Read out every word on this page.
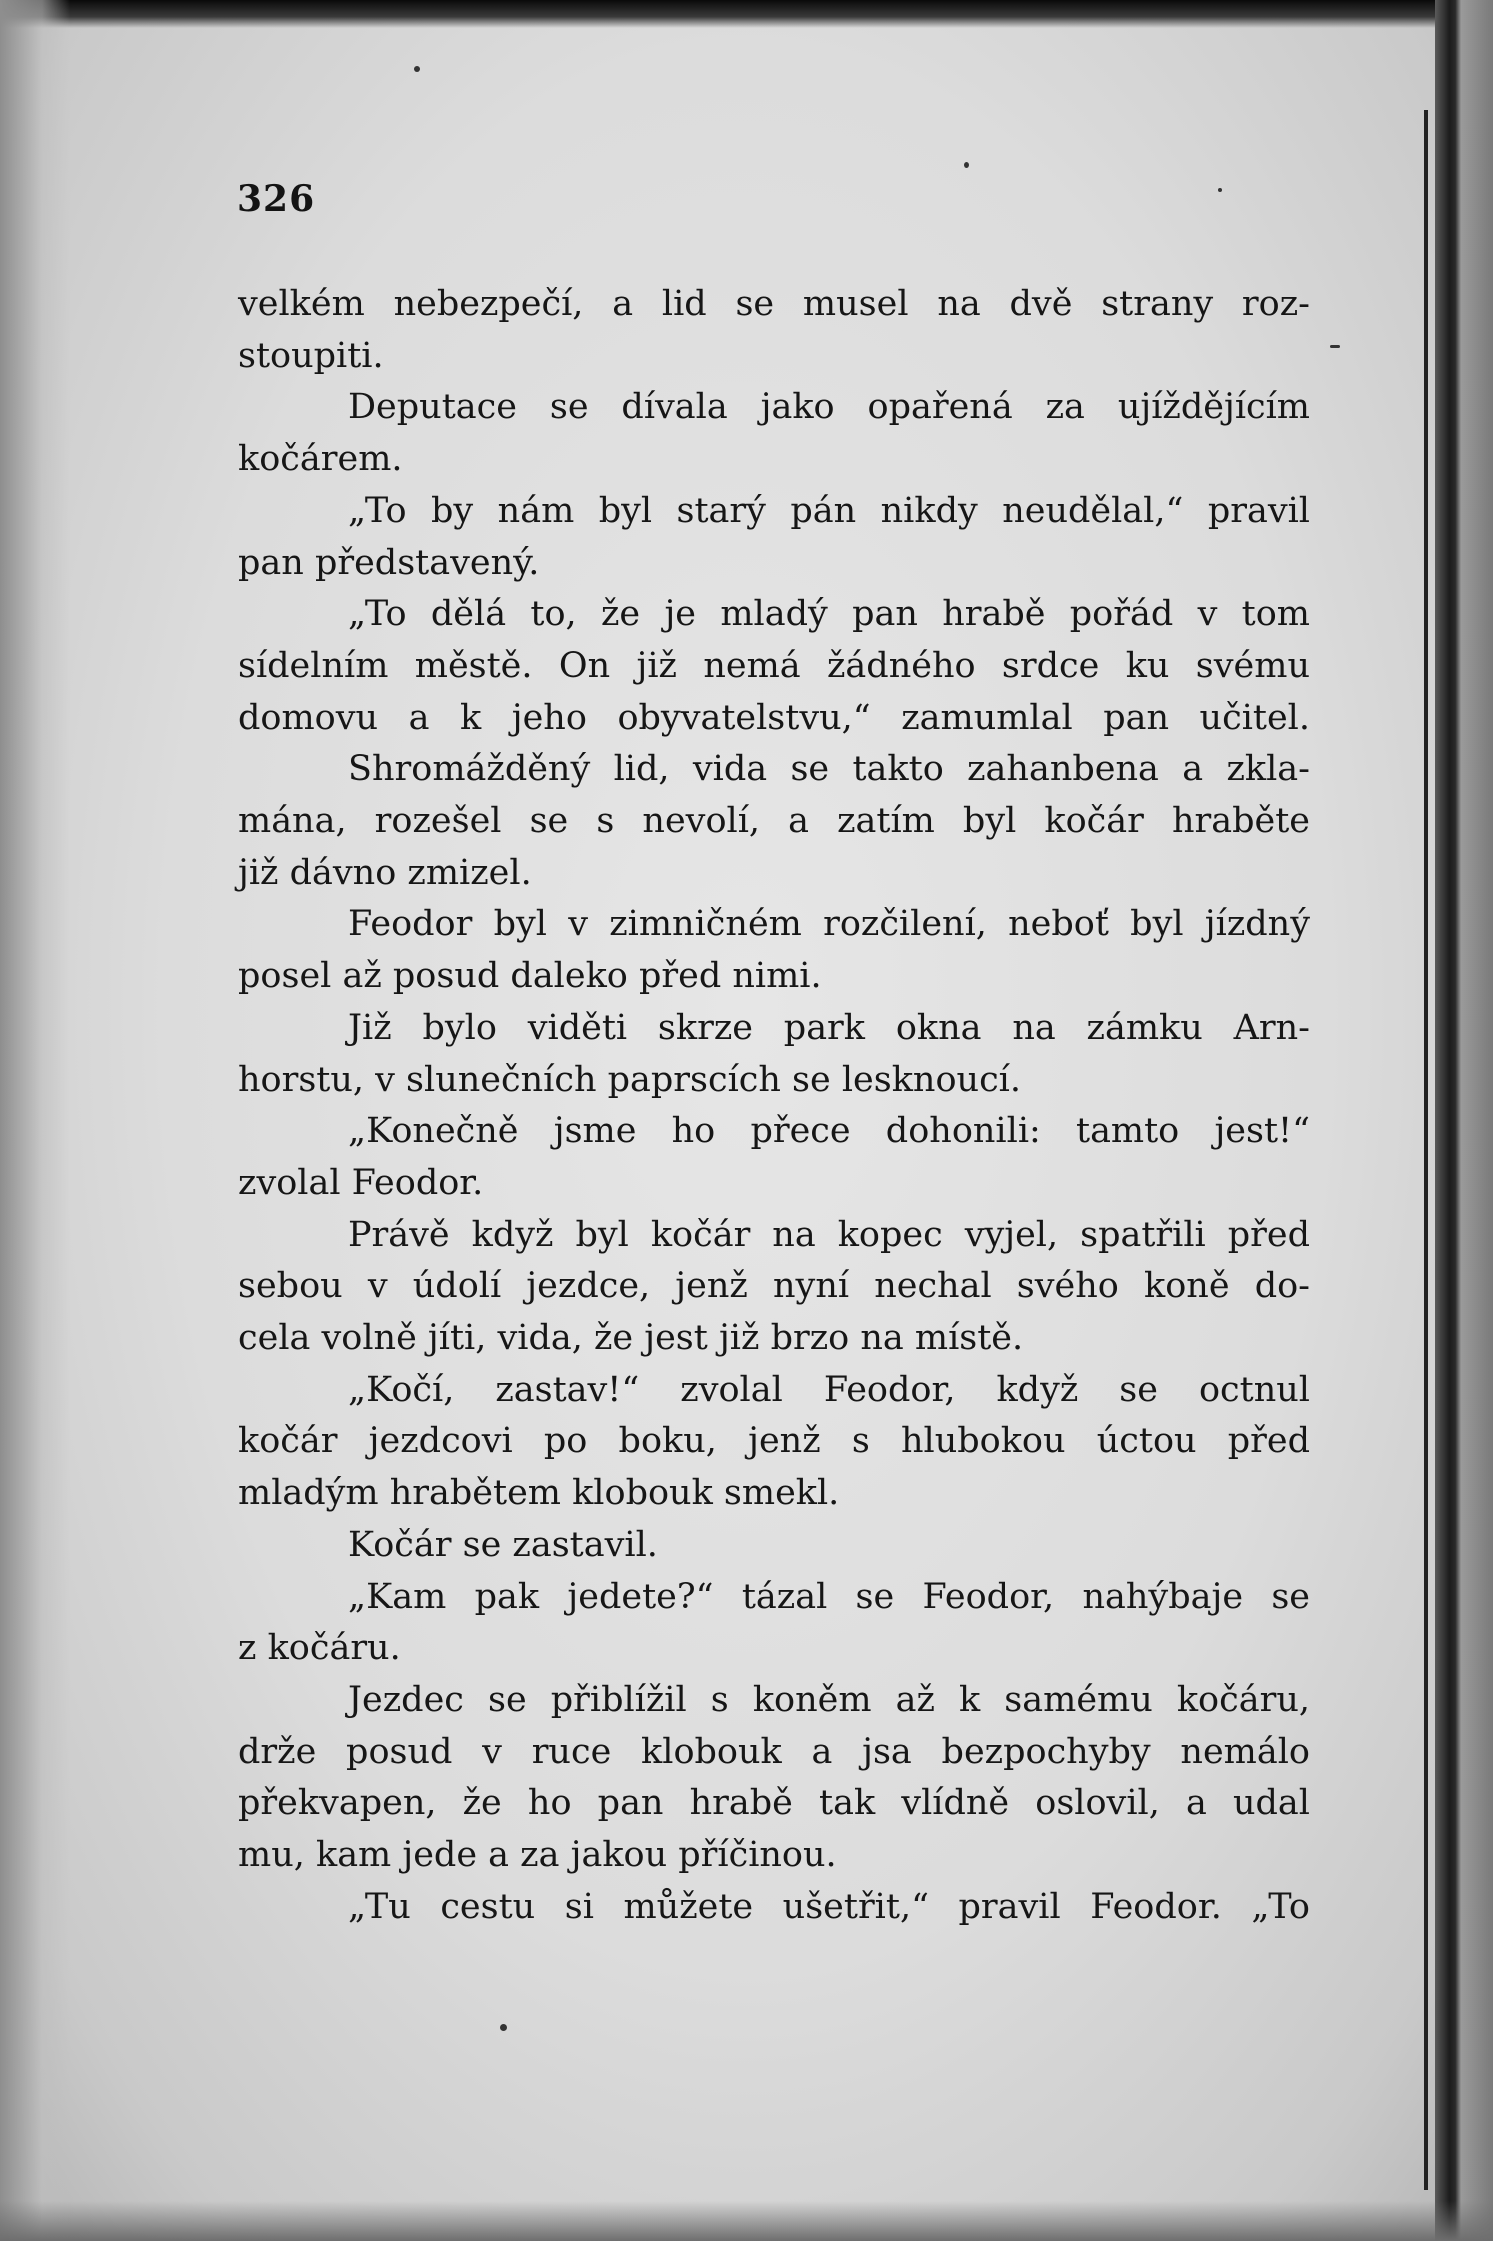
326
velkém nebezpečí, a lid se musel na dvě strany roz-
stoupiti.
Deputace se dívala jako opařená za ujíždějícím
kočárem.
„To by nám byl starý pán nikdy neudělal,“ pravil
pan představený.
„To dělá to, že je mladý pan hrabě pořád v tom
sídelním městě. On již nemá žádného srdce ku svému
domovu a k jeho obyvatelstvu,“ zamumlal pan učitel.
Shromážděný lid, vida se takto zahanbena a zkla-
mána, rozešel se s nevolí, a zatím byl kočár hraběte
již dávno zmizel.
Feodor byl v zimničném rozčilení, neboť byl jízdný
posel až posud daleko před nimi.
Již bylo viděti skrze park okna na zámku Arn-
horstu, v slunečních paprscích se lesknoucí.
„Konečně jsme ho přece dohonili: tamto jest!“
zvolal Feodor.
Právě když byl kočár na kopec vyjel, spatřili před
sebou v údolí jezdce, jenž nyní nechal svého koně do-
cela volně jíti, vida, že jest již brzo na místě.
„Kočí, zastav!“ zvolal Feodor, když se octnul
kočár jezdcovi po boku, jenž s hlubokou úctou před
mladým hrabětem klobouk smekl.
Kočár se zastavil.
„Kam pak jedete?“ tázal se Feodor, nahýbaje se
z kočáru.
Jezdec se přiblížil s koněm až k samému kočáru,
drže posud v ruce klobouk a jsa bezpochyby nemálo
překvapen, že ho pan hrabě tak vlídně oslovil, a udal
mu, kam jede a za jakou příčinou.
„Tu cestu si můžete ušetřit,“ pravil Feodor. „To
